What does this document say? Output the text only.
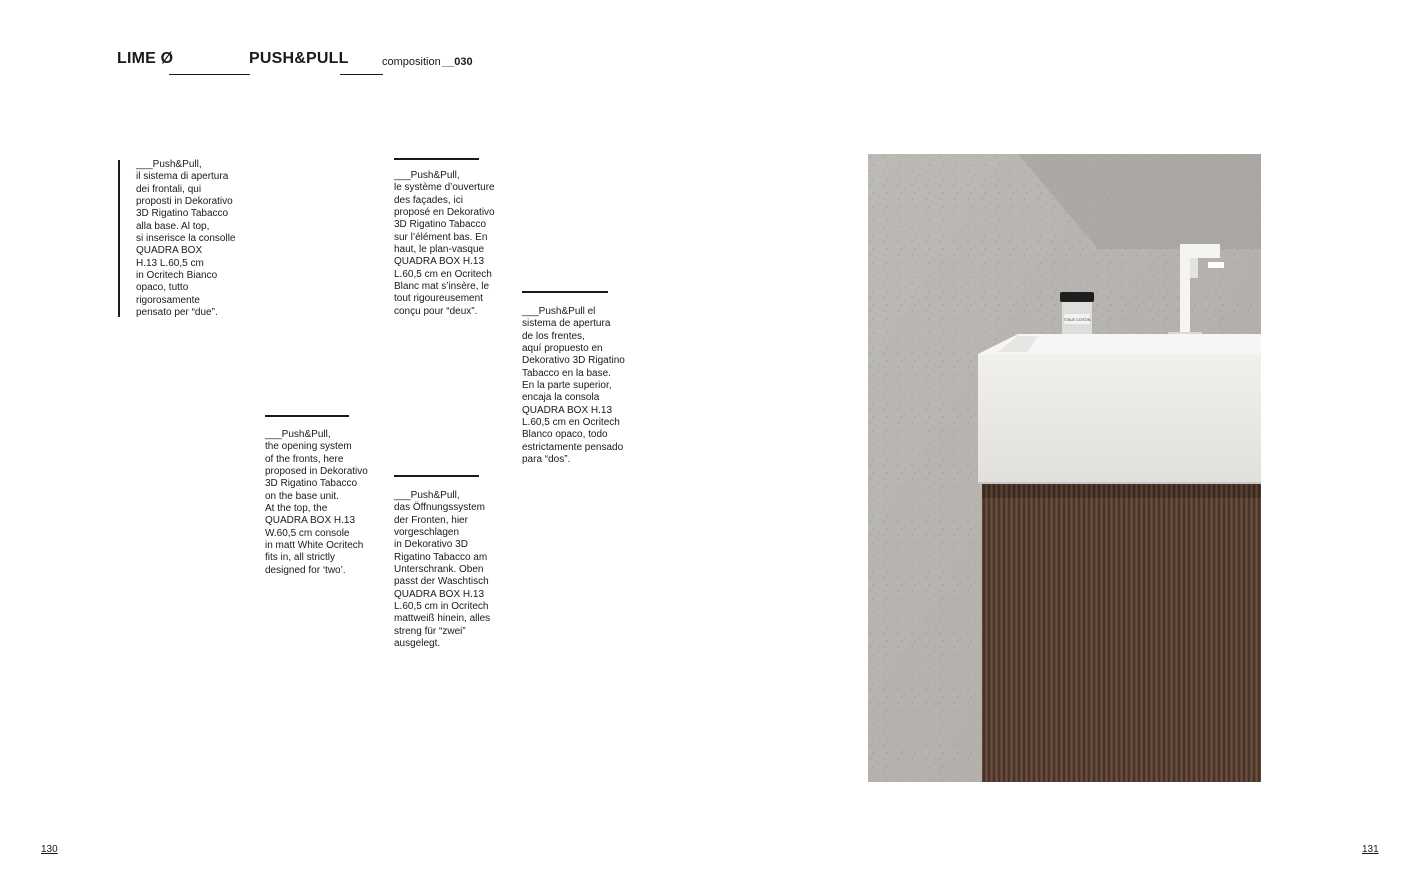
LIME Ø	PUSH&PULL	composition __030
___Push&Pull,
il sistema di apertura
dei frontali, qui
proposti in Dekorativo
3D Rigatino Tabacco
alla base. Al top,
si inserisce la consolle
QUADRA BOX
H.13 L.60,5 cm
in Ocritech Bianco
opaco, tutto
rigorosamente
pensato per “due”.
___Push&Pull,
the opening system
of the fronts, here
proposed in Dekorativo
3D Rigatino Tabacco
on the base unit.
At the top, the
QUADRA BOX H.13
W.60,5 cm console
in matt White Ocritech
fits in, all strictly
designed for ‘two’.
___Push&Pull,
le système d’ouverture
des façades, ici
proposé en Dekorativo
3D Rigatino Tabacco
sur l’élément bas. En
haut, le plan-vasque
QUADRA BOX H.13
L.60,5 cm en Ocritech
Blanc mat s’insère, le
tout rigoureusement
conçu pour “deux”.
___Push&Pull,
das Öffnungssystem
der Fronten, hier
vorgeschlagen
in Dekorativo 3D
Rigatino Tabacco am
Unterschrank. Oben
passt der Waschtisch
QUADRA BOX H.13
L.60,5 cm in Ocritech
mattweiß hinein, alles
streng für “zwei”
ausgelegt.
___Push&Pull el
sistema de apertura
de los frentes,
aquí propuesto en
Dekorativo 3D Rigatino
Tabacco en la base.
En la parte superior,
encaja la consola
QUADRA BOX H.13
L.60,5 cm en Ocritech
Blanco opaco, todo
estrictamente pensado
para “dos”.
TOILE COTON
130	131
